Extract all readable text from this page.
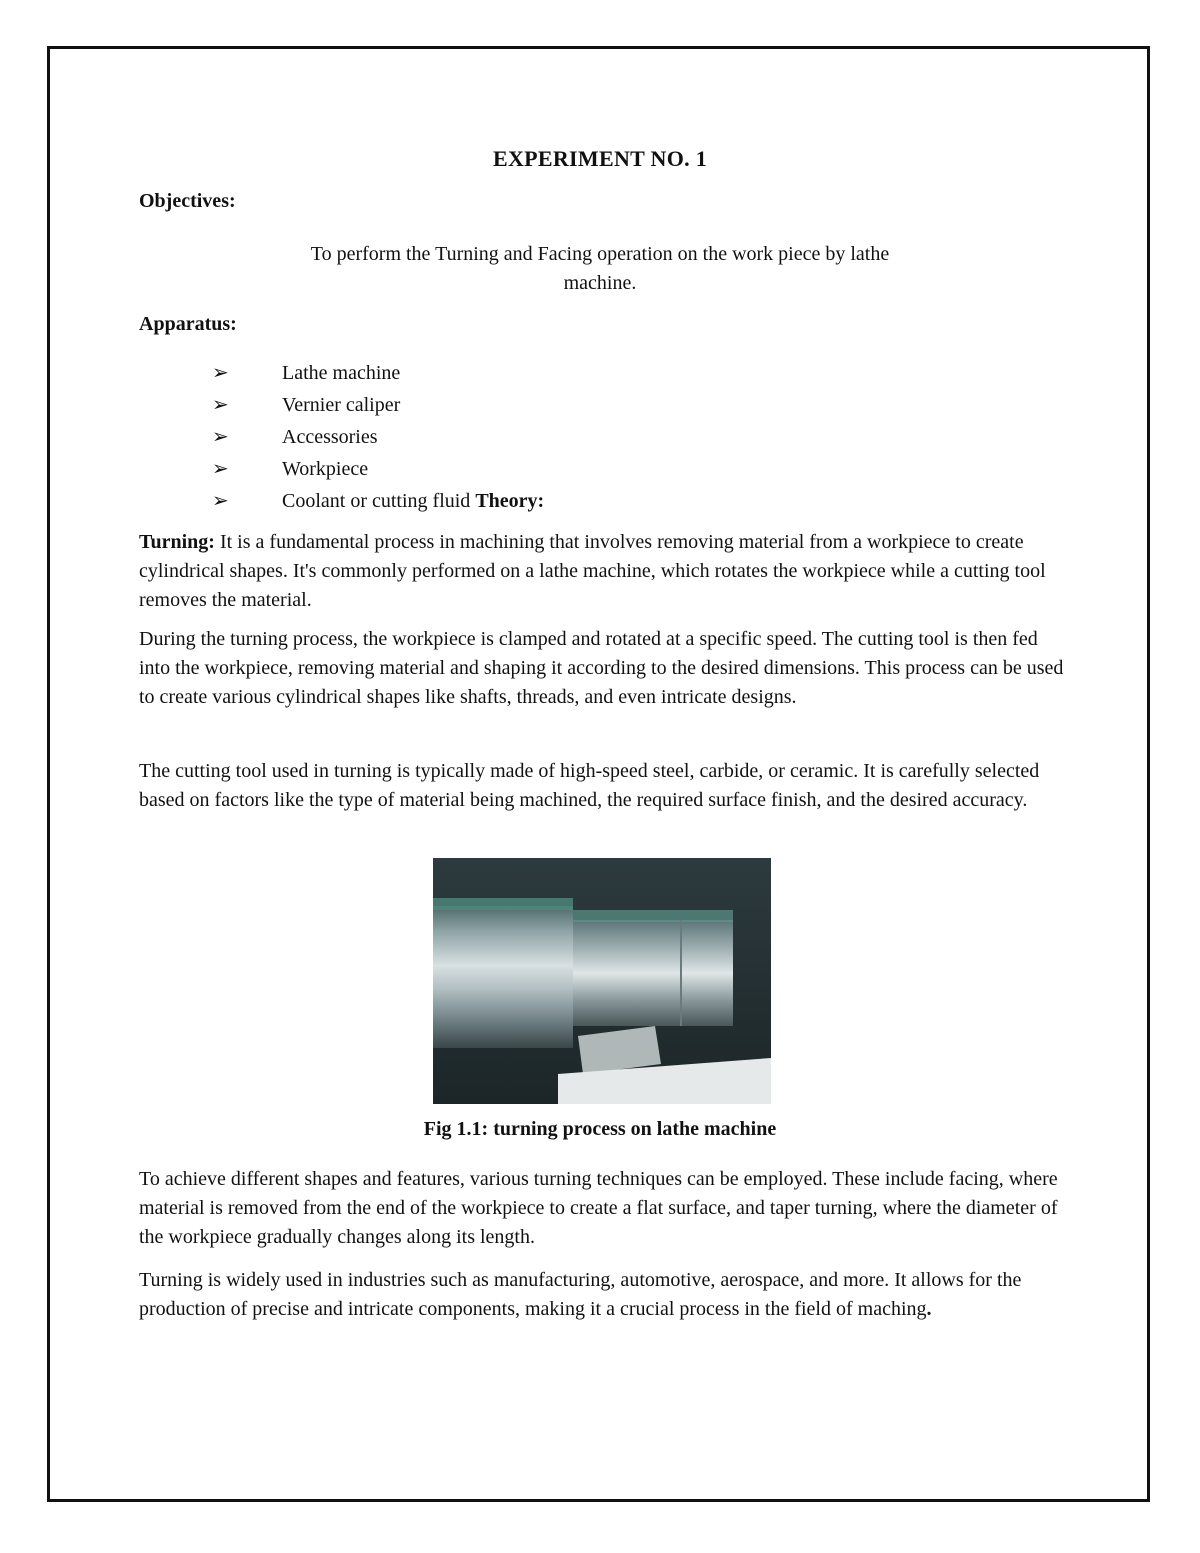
EXPERIMENT NO. 1
Objectives:
To perform the Turning and Facing operation on the work piece by lathe
machine.
Apparatus:
➢	Lathe machine
➢	Vernier caliper
➢	Accessories
➢	Workpiece
➢	Coolant or cutting fluid
Theory:

Turning: It is a fundamental process in machining that involves removing material from a workpiece to create cylindrical shapes. It's commonly performed on a lathe machine, which rotates the workpiece while a cutting tool removes the material.

During the turning process, the workpiece is clamped and rotated at a specific speed. The cutting tool is then fed into the workpiece, removing material and shaping it according to the desired dimensions. This process can be used to create various cylindrical shapes like shafts, threads, and even intricate designs.

The cutting tool used in turning is typically made of high-speed steel, carbide, or ceramic. It is carefully selected based on factors like the type of material being machined, the required surface finish, and the desired accuracy.

Fig 1.1: turning process on lathe machine

To achieve different shapes and features, various turning techniques can be employed. These include facing, where material is removed from the end of the workpiece to create a flat surface, and taper turning, where the diameter of the workpiece gradually changes along its length.

Turning is widely used in industries such as manufacturing, automotive, aerospace, and more. It allows for the production of precise and intricate components, making it a crucial process in the field of maching.
